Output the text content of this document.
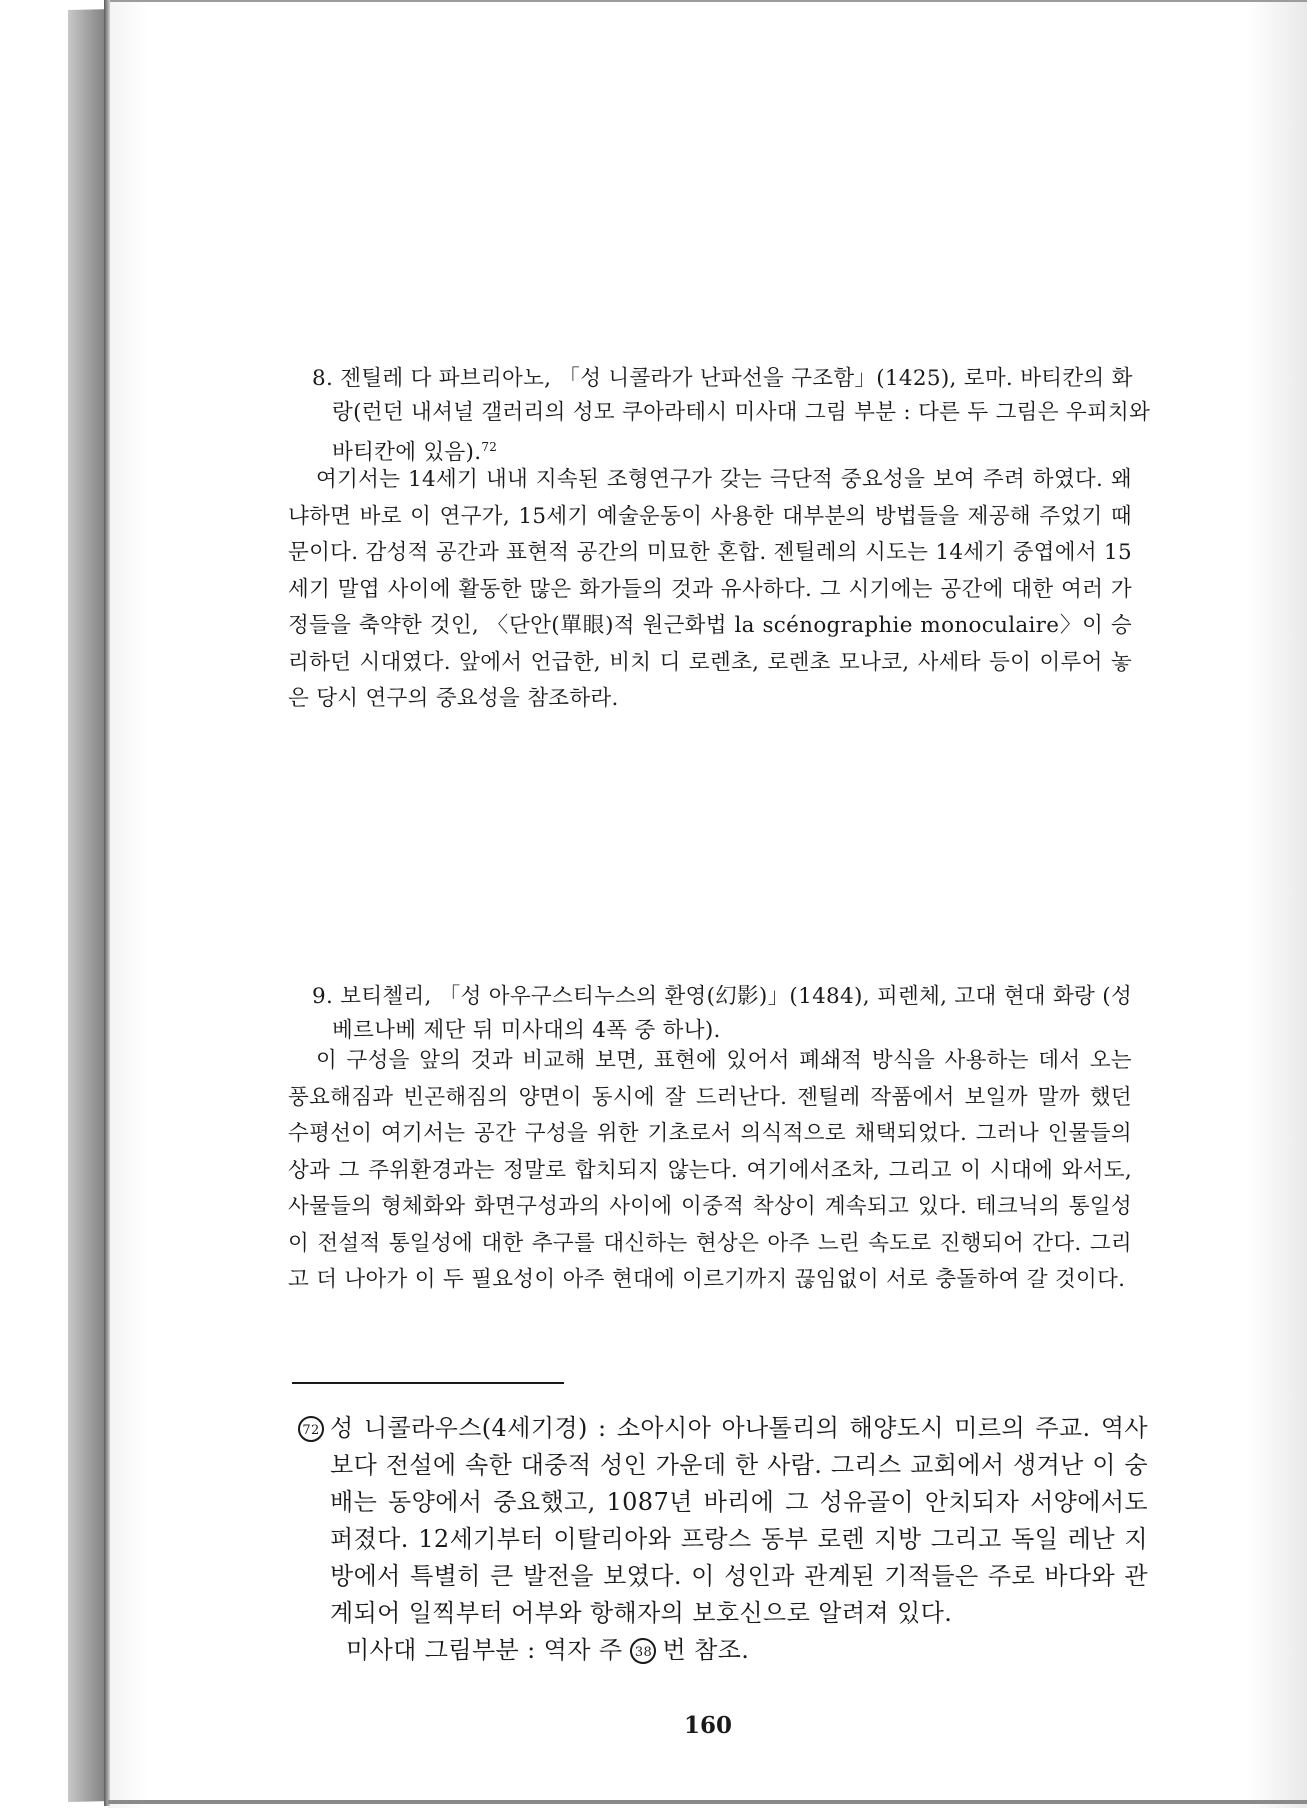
8. 젠틸레 다 파브리아노, 「성 니콜라가 난파선을 구조함」(1425), 로마. 바티칸의 화랑(런던 내셔널 갤러리의 성모 쿠아라테시 미사대 그림 부분 : 다른 두 그림은 우피치와 바티칸에 있음).$^{72}$
여기서는 14세기 내내 지속된 조형연구가 갖는 극단적 중요성을 보여 주려 하였다. 왜냐하면 바로 이 연구가, 15세기 예술운동이 사용한 대부분의 방법들을 제공해 주었기 때문이다. 감성적 공간과 표현적 공간의 미묘한 혼합. 젠틸레의 시도는 14세기 중엽에서 15세기 말엽 사이에 활동한 많은 화가들의 것과 유사하다. 그 시기에는 공간에 대한 여러 가정들을 축약한 것인, 〈단안(單眼)적 원근화법 la scénographie monoculaire〉이 승리하던 시대였다. 앞에서 언급한, 비치 디 로렌초, 로렌초 모나코, 사세타 등이 이루어 놓은 당시 연구의 중요성을 참조하라.
9. 보티첼리, 「성 아우구스티누스의 환영(幻影)」(1484), 피렌체, 고대 현대 화랑 (성 베르나베 제단 뒤 미사대의 4폭 중 하나).
이 구성을 앞의 것과 비교해 보면, 표현에 있어서 폐쇄적 방식을 사용하는 데서 오는 풍요해짐과 빈곤해짐의 양면이 동시에 잘 드러난다. 젠틸레 작품에서 보일까 말까 했던 수평선이 여기서는 공간 구성을 위한 기초로서 의식적으로 채택되었다. 그러나 인물들의 상과 그 주위환경과는 정말로 합치되지 않는다. 여기에서조차, 그리고 이 시대에 와서도, 사물들의 형체화와 화면구성과의 사이에 이중적 착상이 계속되고 있다. 테크닉의 통일성이 전설적 통일성에 대한 추구를 대신하는 현상은 아주 느린 속도로 진행되어 간다. 그리고 더 나아가 이 두 필요성이 아주 현대에 이르기까지 끊임없이 서로 충돌하여 갈 것이다.

72 성 니콜라우스(4세기경) : 소아시아 아나톨리의 해양도시 미르의 주교. 역사보다 전설에 속한 대중적 성인 가운데 한 사람. 그리스 교회에서 생겨난 이 숭배는 동양에서 중요했고, 1087년 바리에 그 성유골이 안치되자 서양에서도 퍼졌다. 12세기부터 이탈리아와 프랑스 동부 로렌 지방 그리고 독일 레난 지방에서 특별히 큰 발전을 보였다. 이 성인과 관계된 기적들은 주로 바다와 관계되어 일찍부터 어부와 항해자의 보호신으로 알려져 있다.

미사대 그림부분 : 역자 주 38 번 참조.

160
